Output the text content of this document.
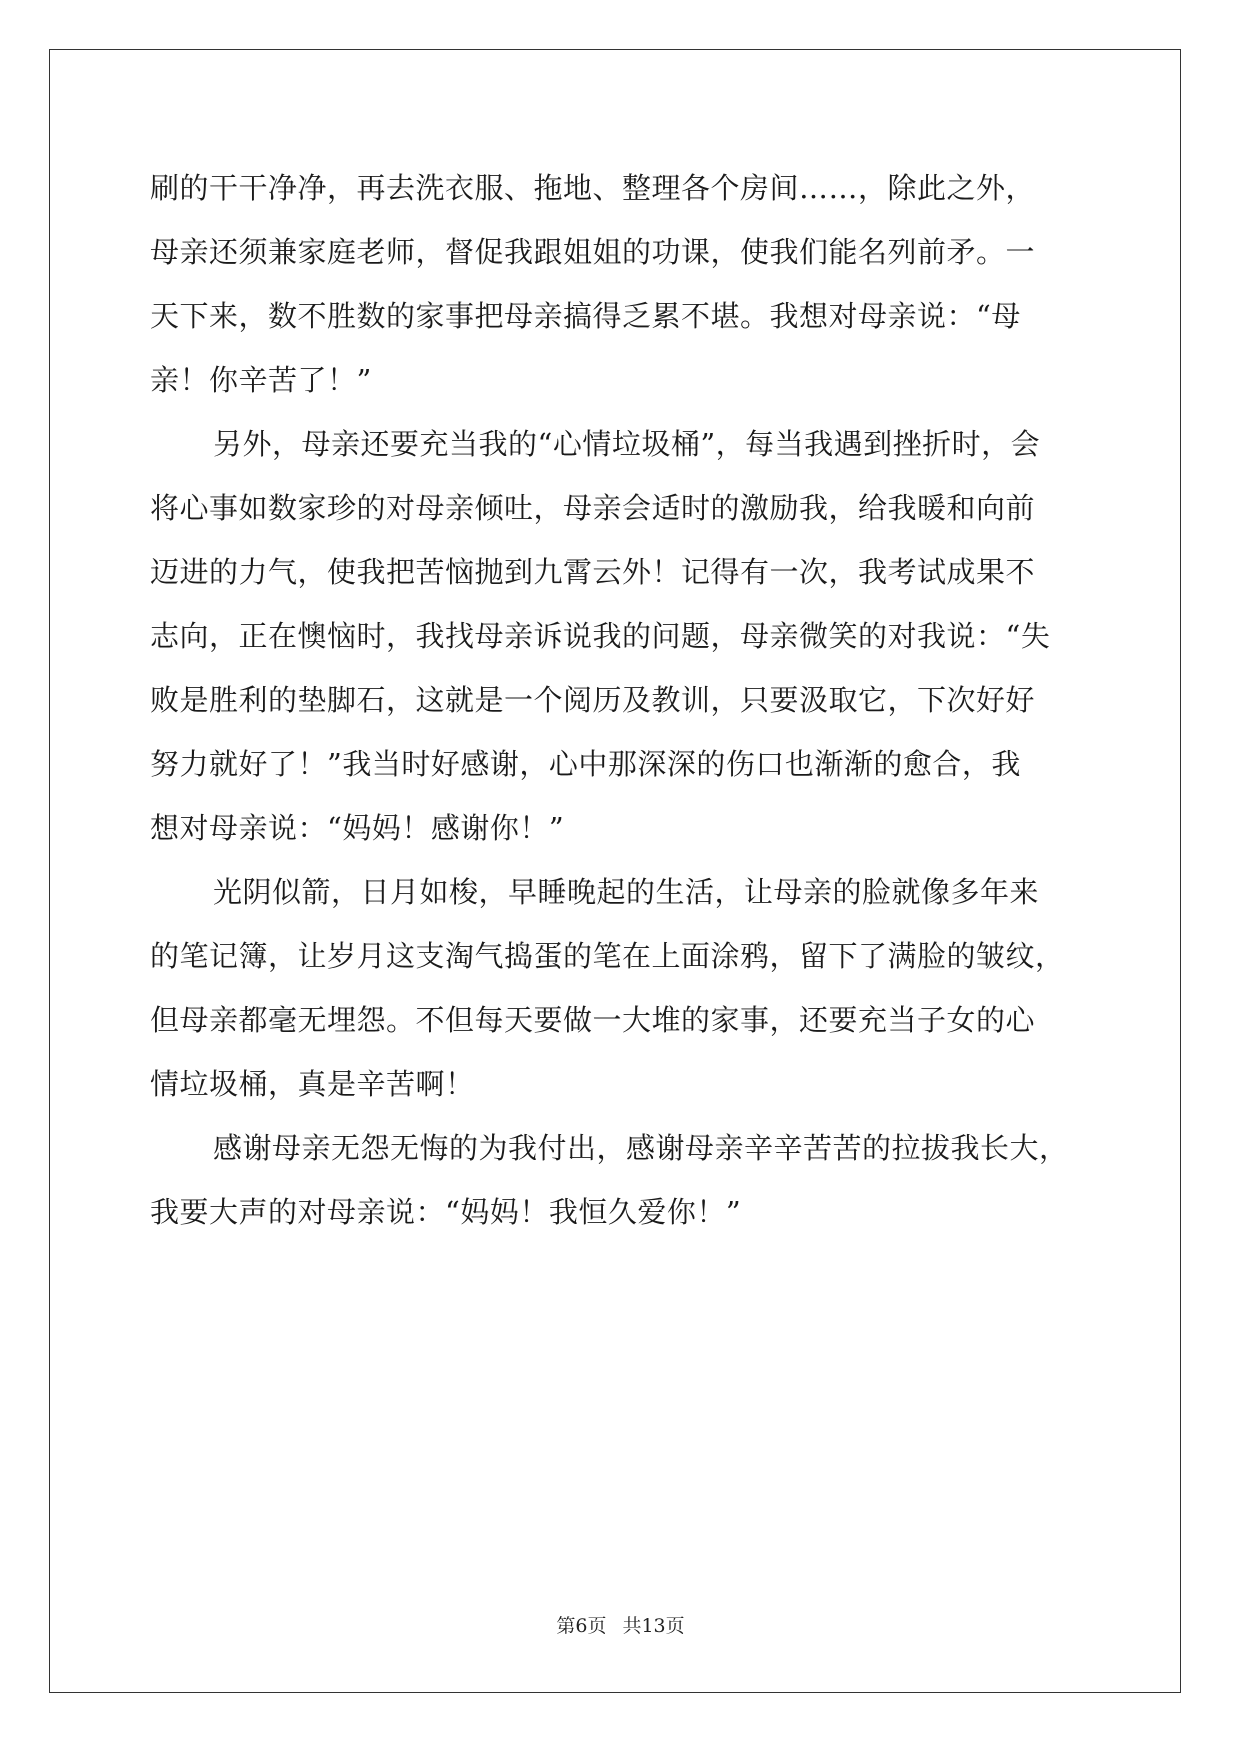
刷的干干净净，再去洗衣服、拖地、整理各个房间……，除此之外，
母亲还须兼家庭老师，督促我跟姐姐的功课，使我们能名列前矛。一
天下来，数不胜数的家事把母亲搞得乏累不堪。我想对母亲说：“母
亲！你辛苦了！”
另外，母亲还要充当我的“心情垃圾桶”，每当我遇到挫折时，会
将心事如数家珍的对母亲倾吐，母亲会适时的激励我，给我暖和向前
迈进的力气，使我把苦恼抛到九霄云外！记得有一次，我考试成果不
志向，正在懊恼时，我找母亲诉说我的问题，母亲微笑的对我说：“失
败是胜利的垫脚石，这就是一个阅历及教训，只要汲取它，下次好好
努力就好了！”我当时好感谢，心中那深深的伤口也渐渐的愈合，我
想对母亲说：“妈妈！感谢你！”
光阴似箭，日月如梭，早睡晚起的生活，让母亲的脸就像多年来
的笔记簿，让岁月这支淘气捣蛋的笔在上面涂鸦，留下了满脸的皱纹，
但母亲都毫无埋怨。不但每天要做一大堆的家事，还要充当子女的心
情垃圾桶，真是辛苦啊！
感谢母亲无怨无悔的为我付出，感谢母亲辛辛苦苦的拉拔我长大，
我要大声的对母亲说：“妈妈！我恒久爱你！”
第6页 共13页
